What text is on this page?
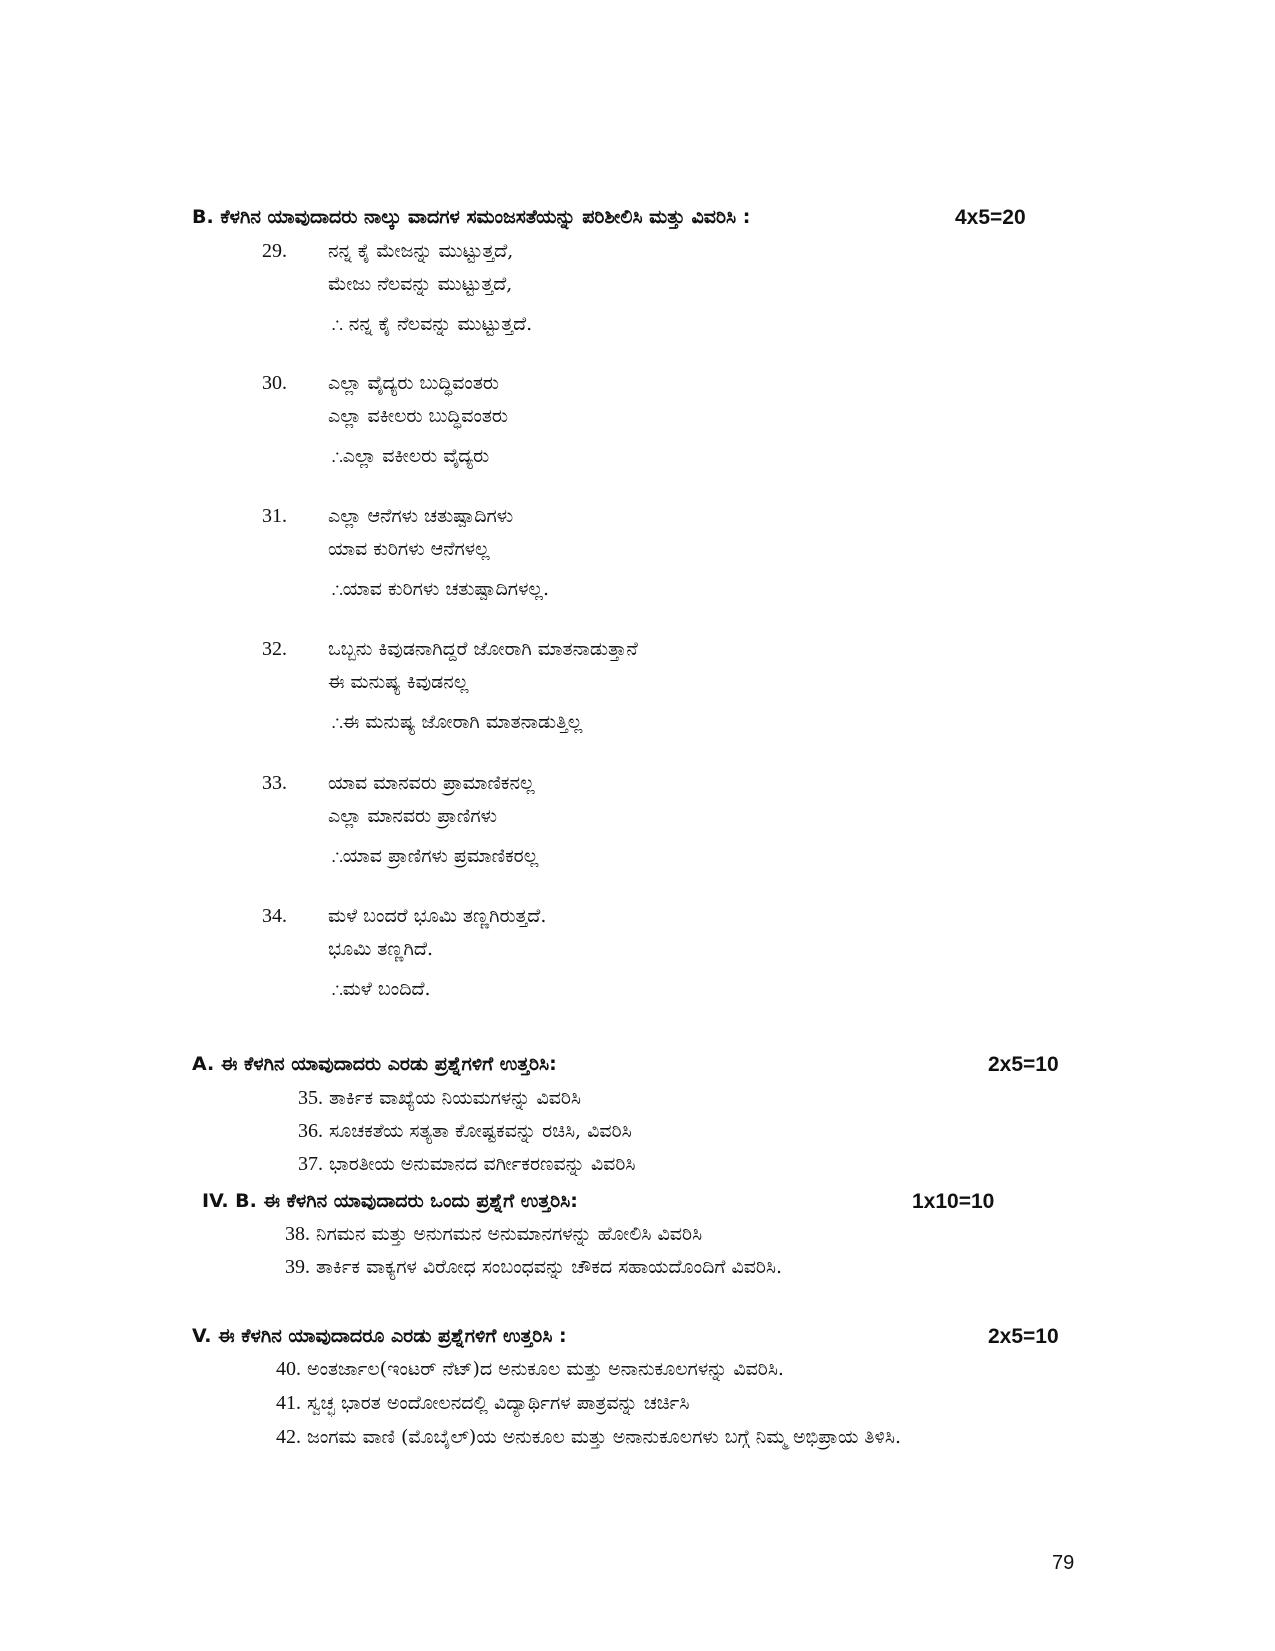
B. ಕೆಳಗಿನ ಯಾವುದಾದರು ನಾಲ್ಕು ವಾದಗಳ ಸಮಂಜಸತೆಯನ್ನು ಪರಿಶೀಲಿಸಿ ಮತ್ತು ವಿವರಿಸಿ :	4x5=20
29. ನನ್ನ ಕೈ ಮೇಜನ್ನು ಮುಟ್ಟುತ್ತದೆ,
ಮೇಜು ನೆಲವನ್ನು ಮುಟ್ಟುತ್ತದೆ,
∴ ನನ್ನ ಕೈ ನೆಲವನ್ನು ಮುಟ್ಟುತ್ತದೆ.
30. ಎಲ್ಲಾ ವೈದ್ಯರು ಬುದ್ಧಿವಂತರು
ಎಲ್ಲಾ ವಕೀಲರು ಬುದ್ಧಿವಂತರು
∴ಎಲ್ಲಾ ವಕೀಲರು ವೈದ್ಯರು
31. ಎಲ್ಲಾ ಆನೆಗಳು ಚತುಷ್ಪಾದಿಗಳು
ಯಾವ ಕುರಿಗಳು ಆನೆಗಳಲ್ಲ
∴ಯಾವ ಕುರಿಗಳು ಚತುಷ್ಪಾದಿಗಳಲ್ಲ.
32. ಒಬ್ಬನು ಕಿವುಡನಾಗಿದ್ದರೆ ಜೋರಾಗಿ ಮಾತನಾಡುತ್ತಾನೆ
ಈ ಮನುಷ್ಯ ಕಿವುಡನಲ್ಲ
∴ಈ ಮನುಷ್ಯ ಜೋರಾಗಿ ಮಾತನಾಡುತ್ತಿಲ್ಲ
33. ಯಾವ ಮಾನವರು ಪ್ರಾಮಾಣಿಕನಲ್ಲ
ಎಲ್ಲಾ ಮಾನವರು ಪ್ರಾಣಿಗಳು
∴ಯಾವ ಪ್ರಾಣಿಗಳು ಪ್ರಮಾಣಿಕರಲ್ಲ
34. ಮಳೆ ಬಂದರೆ ಭೂಮಿ ತಣ್ಣಗಿರುತ್ತದೆ.
ಭೂಮಿ ತಣ್ಣಗಿದೆ.
∴ಮಳೆ ಬಂದಿದೆ.
A. ಈ ಕೆಳಗಿನ ಯಾವುದಾದರು ಎರಡು ಪ್ರಶ್ನೆಗಳಿಗೆ ಉತ್ತರಿಸಿ:	2x5=10
35. ತಾರ್ಕಿಕ ವಾಖ್ಯೆಯ ನಿಯಮಗಳನ್ನು ವಿವರಿಸಿ
36. ಸೂಚಕತೆಯ ಸತ್ಯತಾ ಕೋಷ್ಟಕವನ್ನು ರಚಿಸಿ, ವಿವರಿಸಿ
37. ಭಾರತೀಯ ಅನುಮಾನದ ವರ್ಗೀಕರಣವನ್ನು ವಿವರಿಸಿ
IV. B. ಈ ಕೆಳಗಿನ ಯಾವುದಾದರು ಒಂದು ಪ್ರಶ್ನೆಗೆ ಉತ್ತರಿಸಿ:	1x10=10
38. ನಿಗಮನ ಮತ್ತು ಅನುಗಮನ ಅನುಮಾನಗಳನ್ನು ಹೋಲಿಸಿ ವಿವರಿಸಿ
39. ತಾರ್ಕಿಕ ವಾಕ್ಯಗಳ ವಿರೋಧ ಸಂಬಂಧವನ್ನು ಚೌಕದ ಸಹಾಯದೊಂದಿಗೆ ವಿವರಿಸಿ.
V. ಈ ಕೆಳಗಿನ ಯಾವುದಾದರೂ ಎರಡು ಪ್ರಶ್ನೆಗಳಿಗೆ ಉತ್ತರಿಸಿ :	2x5=10
40. ಅಂತರ್ಜಾಲ(ಇಂಟರ್ ನೆಟ್)ದ ಅನುಕೂಲ ಮತ್ತು ಅನಾನುಕೂಲಗಳನ್ನು ವಿವರಿಸಿ.
41. ಸ್ವಚ್ಛ ಭಾರತ ಅಂದೋಲನದಲ್ಲಿ ವಿದ್ಯಾರ್ಥಿಗಳ ಪಾತ್ರವನ್ನು ಚರ್ಚಿಸಿ
42. ಜಂಗಮ ವಾಣಿ (ಮೊಬೈಲ್)ಯ ಅನುಕೂಲ ಮತ್ತು ಅನಾನುಕೂಲಗಳು ಬಗ್ಗೆ ನಿಮ್ಮ ಅಭಿಪ್ರಾಯ ತಿಳಿಸಿ.
79
